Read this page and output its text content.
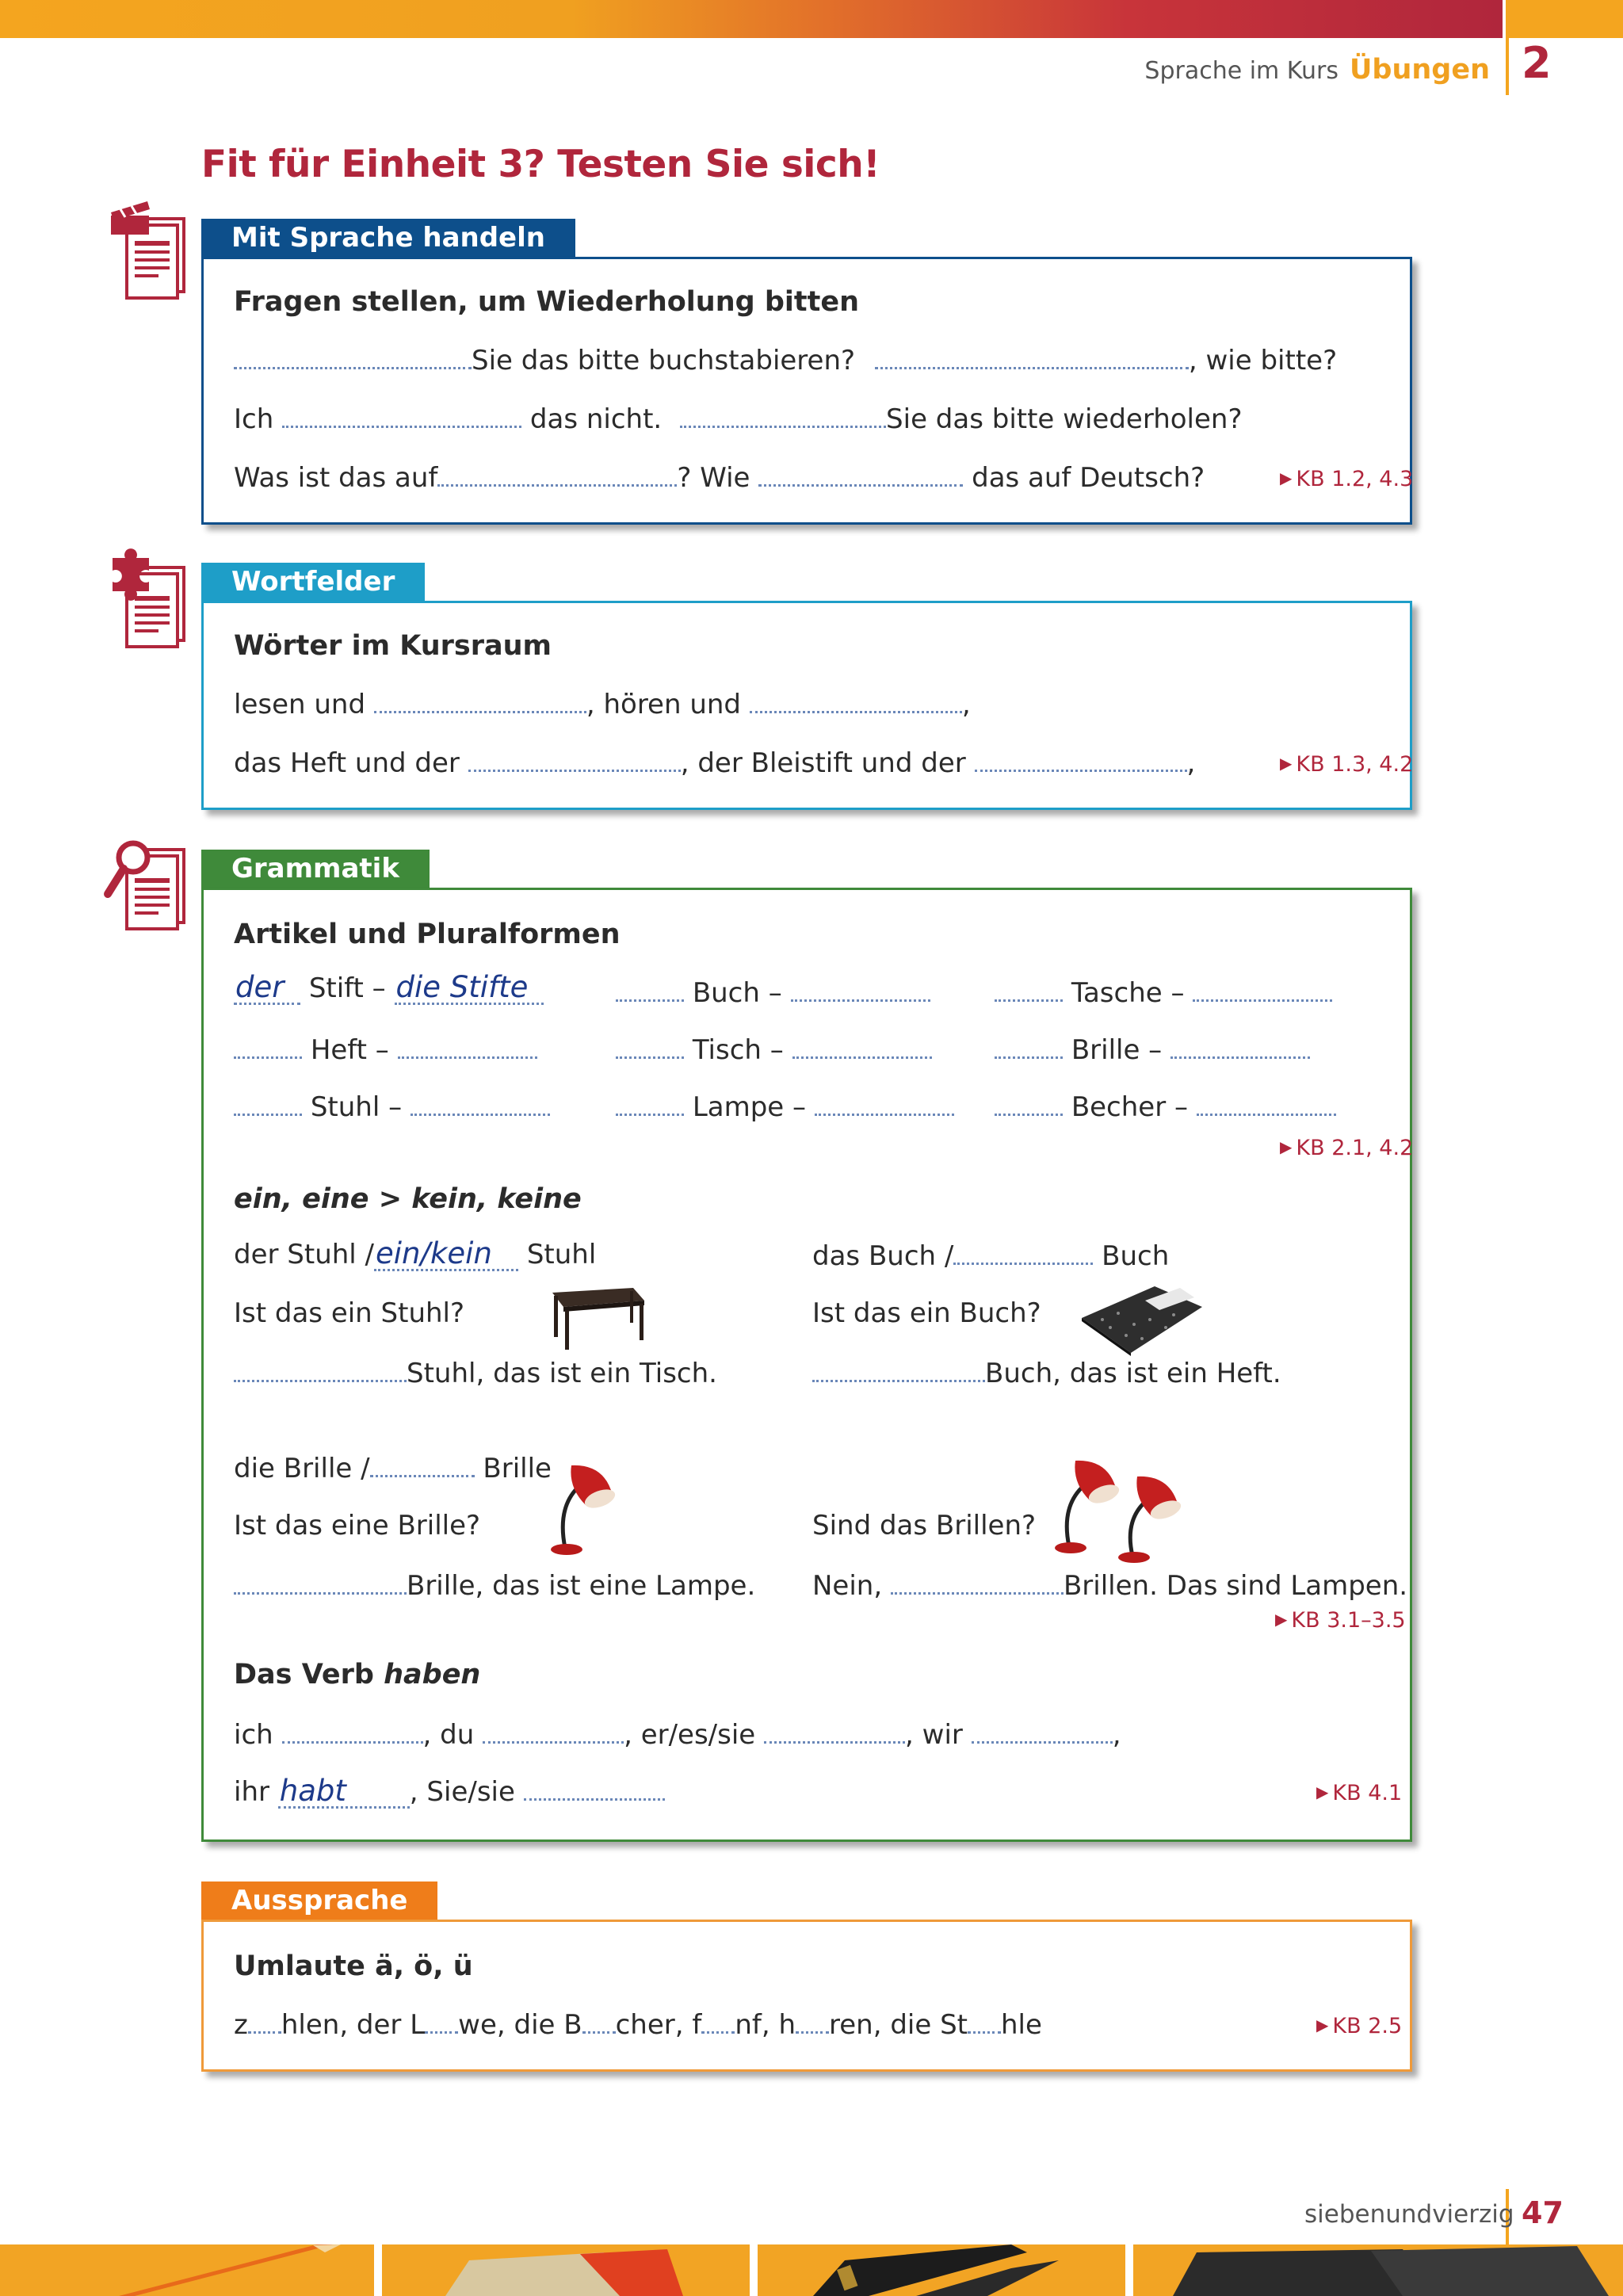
Sprache im Kurs Übungen 2
Fit für Einheit 3? Testen Sie sich!
Mit Sprache handeln
Fragen stellen, um Wiederholung bitten
Sie das bitte buchstabieren?	, wie bitte?
Ich	das nicht.	Sie das bitte wiederholen?
Was ist das auf	? Wie	das auf Deutsch?	▶ KB 1.2, 4.3
Wortfelder
Wörter im Kursraum
lesen und	, hören und	,
das Heft und der	, der Bleistift und der	,	▶ KB 1.3, 4.2
Grammatik
Artikel und Pluralformen
der Stift – die Stifte	Buch –	Tasche –
Heft –	Tisch –	Brille –
Stuhl –	Lampe –	Becher –
▶ KB 2.1, 4.2
ein, eine > kein, keine
der Stuhl /ein/kein Stuhl
Ist das ein Stuhl?
Stuhl, das ist ein Tisch.
das Buch /	Buch
Ist das ein Buch?
Buch, das ist ein Heft.
die Brille /	Brille
Ist das eine Brille?
Brille, das ist eine Lampe.
Sind das Brillen?
Nein,	Brillen. Das sind Lampen.
▶ KB 3.1–3.5
Das Verb haben
ich	, du	, er/es/sie	, wir	,
ihr habt , Sie/sie	▶ KB 4.1
Aussprache
Umlaute ä, ö, ü
z hlen, der L we, die B cher, f nf, h ren, die St hle	▶ KB 2.5
siebenundvierzig 47
